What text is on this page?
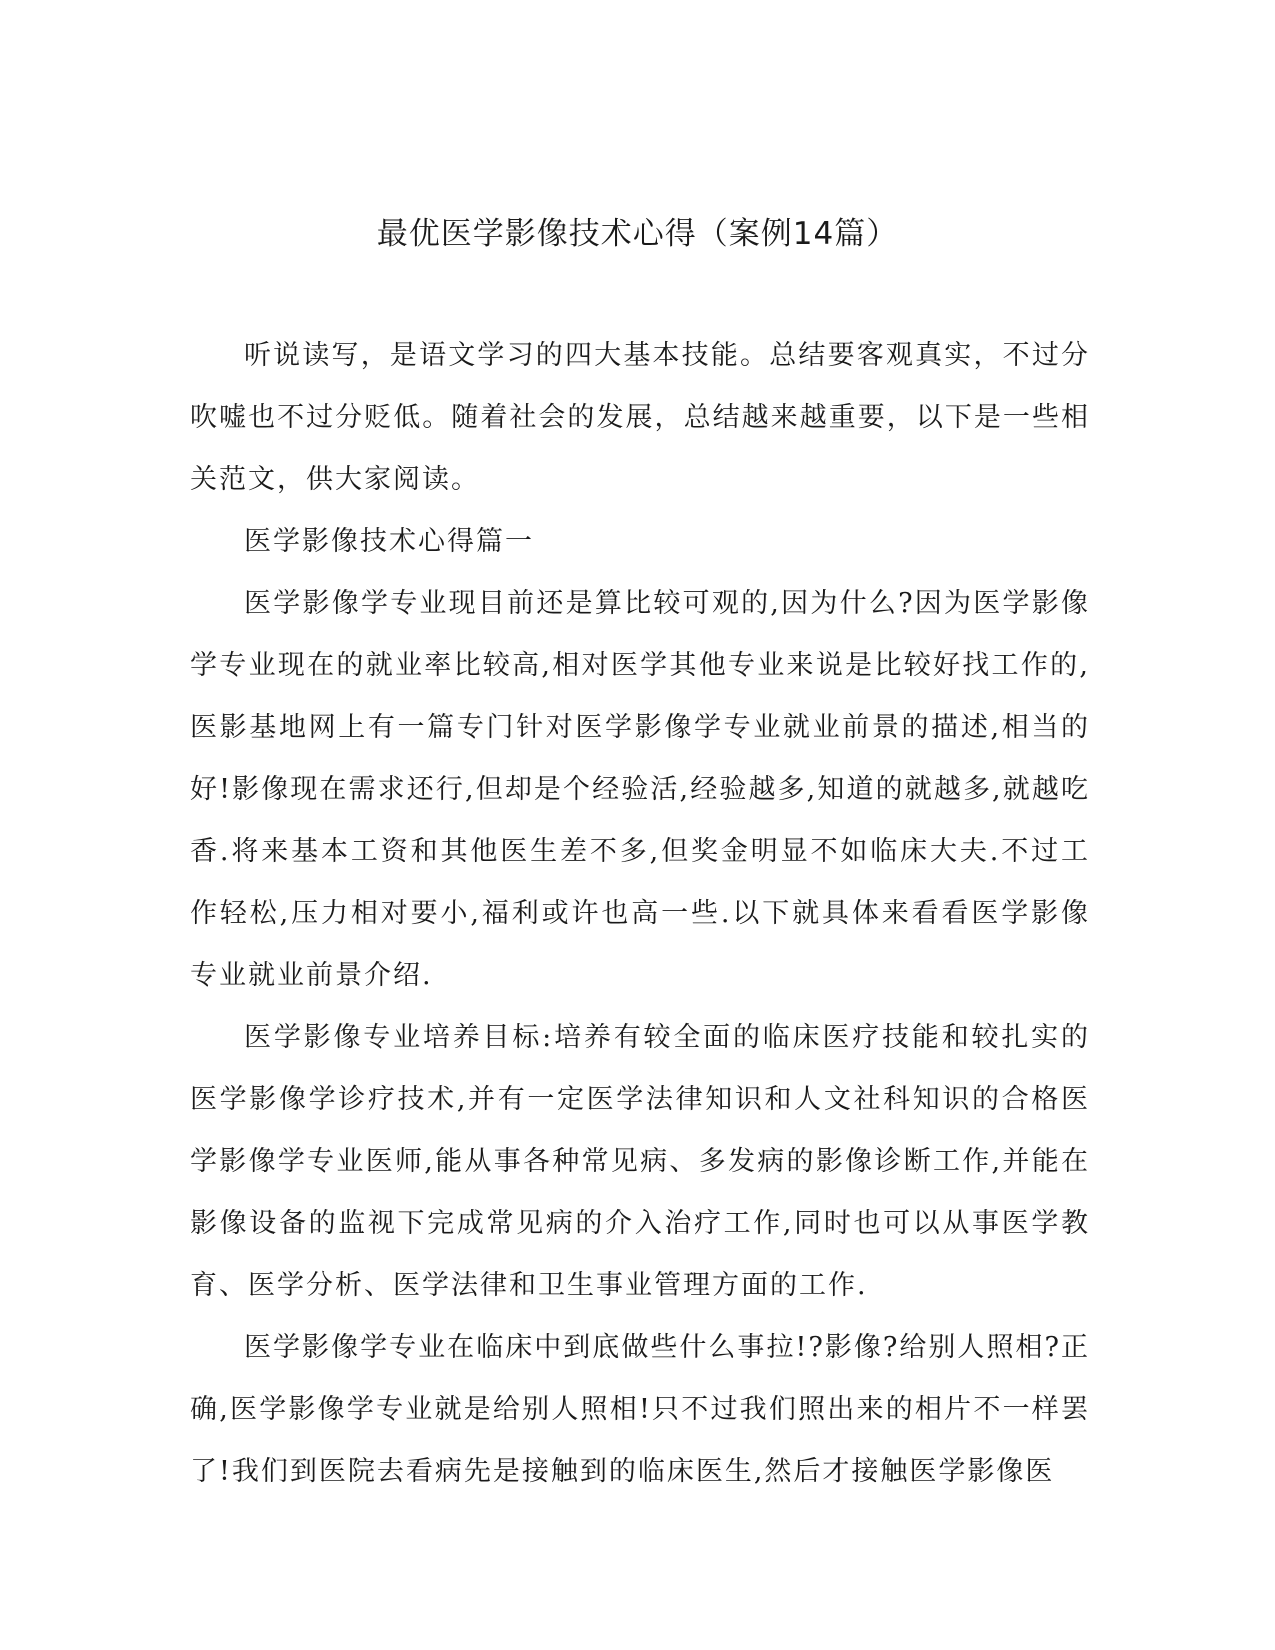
最优医学影像技术心得（案例14篇）

听说读写，是语文学习的四大基本技能。总结要客观真实，不过分吹嘘也不过分贬低。随着社会的发展，总结越来越重要，以下是一些相关范文，供大家阅读。

医学影像技术心得篇一

医学影像学专业现目前还是算比较可观的,因为什么?因为医学影像学专业现在的就业率比较高,相对医学其他专业来说是比较好找工作的,医影基地网上有一篇专门针对医学影像学专业就业前景的描述,相当的好!影像现在需求还行,但却是个经验活,经验越多,知道的就越多,就越吃香.将来基本工资和其他医生差不多,但奖金明显不如临床大夫.不过工作轻松,压力相对要小,福利或许也高一些.以下就具体来看看医学影像专业就业前景介绍.

医学影像专业培养目标:培养有较全面的临床医疗技能和较扎实的医学影像学诊疗技术,并有一定医学法律知识和人文社科知识的合格医学影像学专业医师,能从事各种常见病、多发病的影像诊断工作,并能在影像设备的监视下完成常见病的介入治疗工作,同时也可以从事医学教育、医学分析、医学法律和卫生事业管理方面的工作.

医学影像学专业在临床中到底做些什么事拉!?影像?给别人照相?正确,医学影像学专业就是给别人照相!只不过我们照出来的相片不一样罢了!我们到医院去看病先是接触到的临床医生,然后才接触医学影像医
